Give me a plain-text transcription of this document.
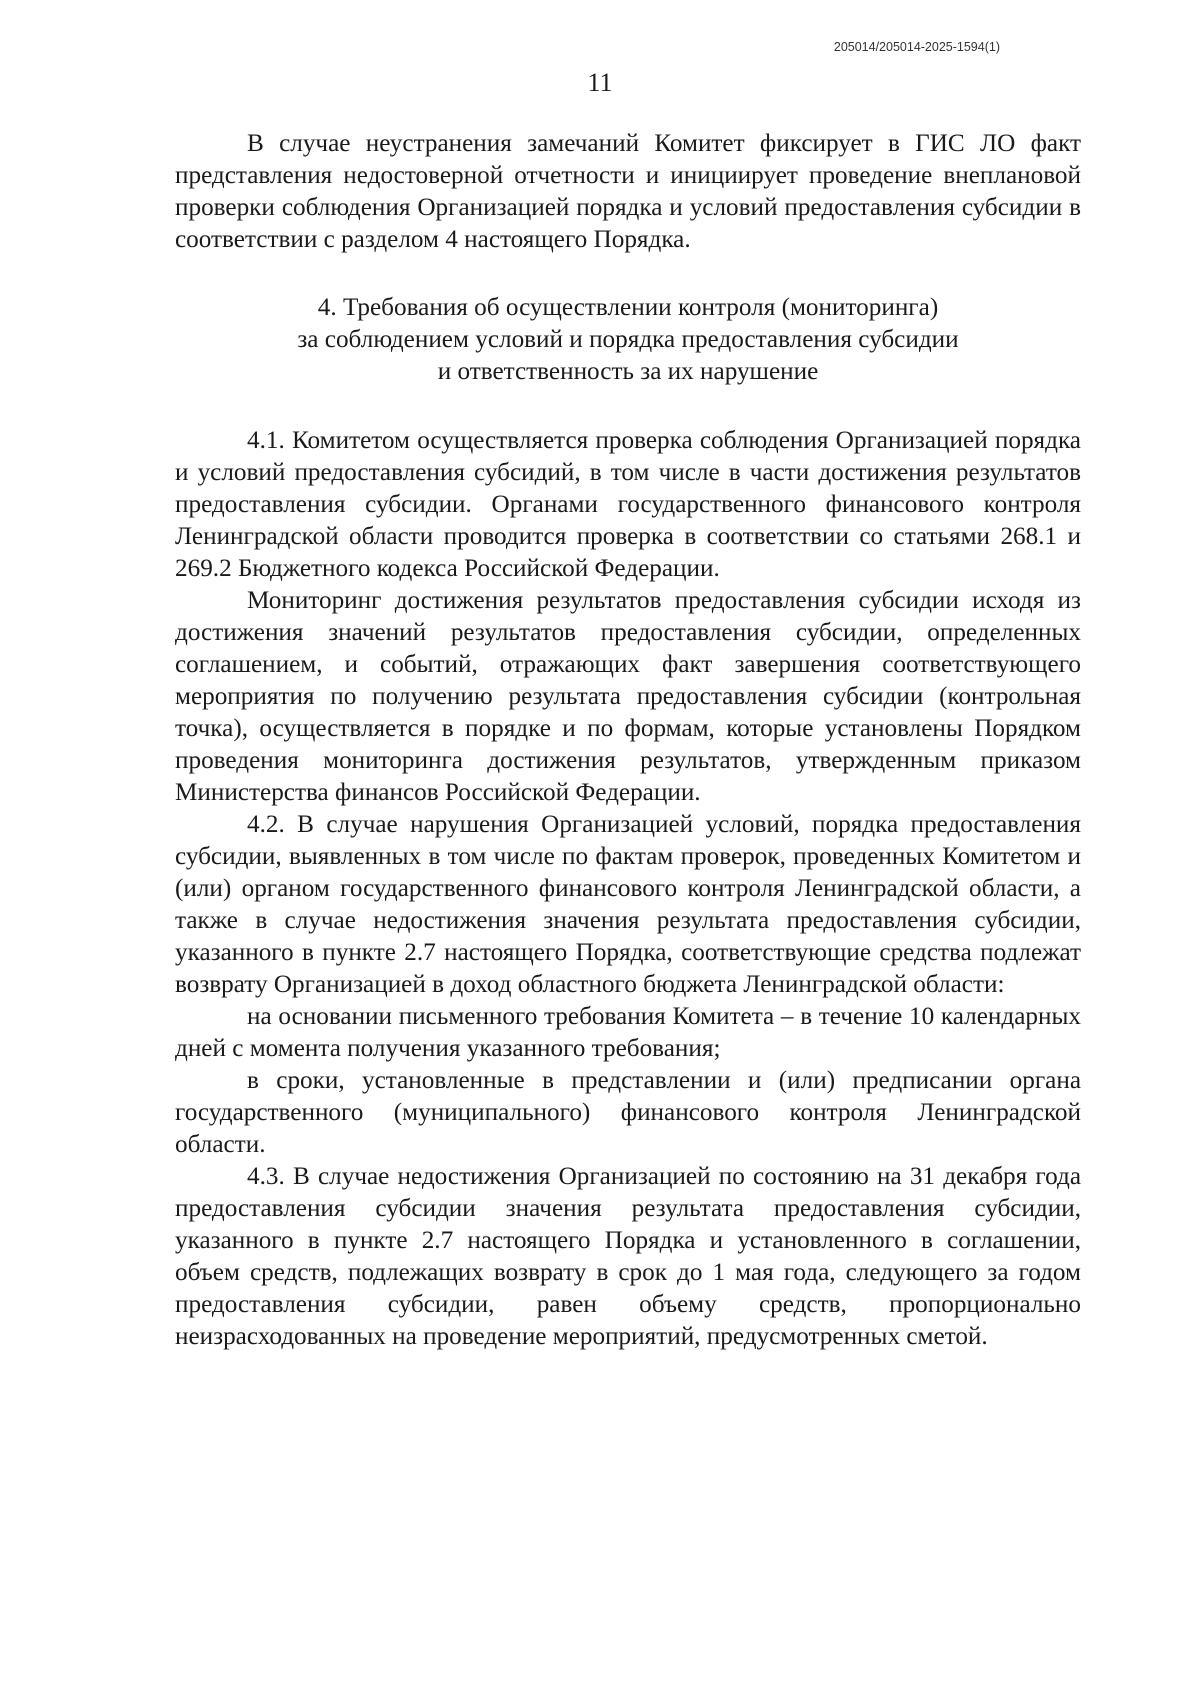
205014/205014-2025-1594(1)
11

В случае неустранения замечаний Комитет фиксирует в ГИС ЛО факт представления недостоверной отчетности и инициирует проведение внеплановой проверки соблюдения Организацией порядка и условий предоставления субсидии в соответствии с разделом 4 настоящего Порядка.

4. Требования об осуществлении контроля (мониторинга)
за соблюдением условий и порядка предоставления субсидии
и ответственность за их нарушение

4.1. Комитетом осуществляется проверка соблюдения Организацией порядка и условий предоставления субсидий, в том числе в части достижения результатов предоставления субсидии. Органами государственного финансового контроля Ленинградской области проводится проверка в соответствии со статьями 268.1 и 269.2 Бюджетного кодекса Российской Федерации.

Мониторинг достижения результатов предоставления субсидии исходя из достижения значений результатов предоставления субсидии, определенных соглашением, и событий, отражающих факт завершения соответствующего мероприятия по получению результата предоставления субсидии (контрольная точка), осуществляется в порядке и по формам, которые установлены Порядком проведения мониторинга достижения результатов, утвержденным приказом Министерства финансов Российской Федерации.

4.2. В случае нарушения Организацией условий, порядка предоставления субсидии, выявленных в том числе по фактам проверок, проведенных Комитетом и (или) органом государственного финансового контроля Ленинградской области, а также в случае недостижения значения результата предоставления субсидии, указанного в пункте 2.7 настоящего Порядка, соответствующие средства подлежат возврату Организацией в доход областного бюджета Ленинградской области:

на основании письменного требования Комитета – в течение 10 календарных дней с момента получения указанного требования;

в сроки, установленные в представлении и (или) предписании органа государственного (муниципального) финансового контроля Ленинградской области.

4.3. В случае недостижения Организацией по состоянию на 31 декабря года предоставления субсидии значения результата предоставления субсидии, указанного в пункте 2.7 настоящего Порядка и установленного в соглашении, объем средств, подлежащих возврату в срок до 1 мая года, следующего за годом предоставления субсидии, равен объему средств, пропорционально неизрасходованных на проведение мероприятий, предусмотренных сметой.
